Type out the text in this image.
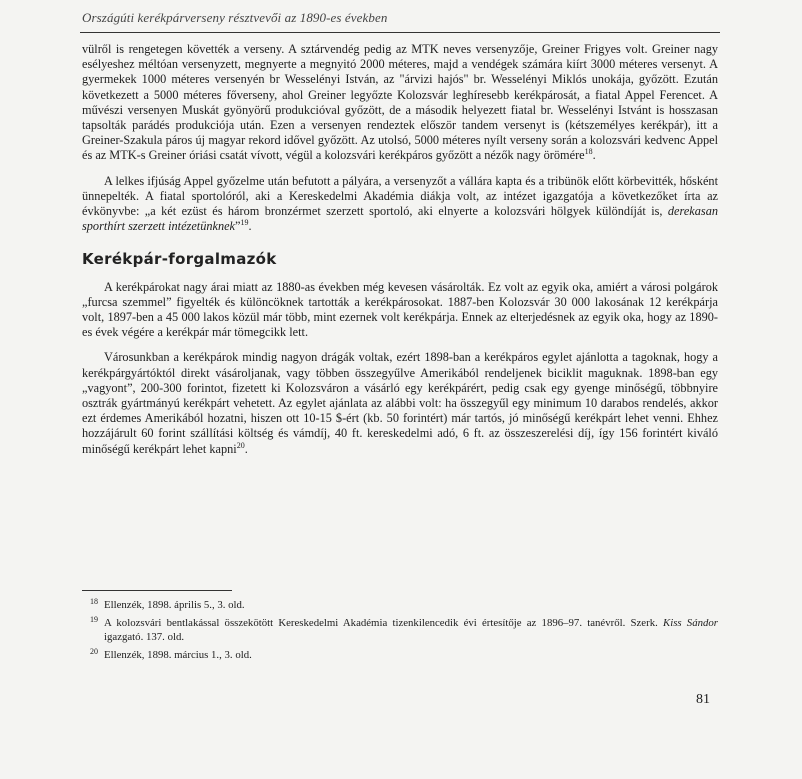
Országúti kerékpárverseny résztvevői az 1890-es években

vülről is rengetegen követték a verseny. A sztárvendég pedig az MTK neves versenyzője, Greiner Frigyes volt. Greiner nagy esélyeshez méltóan versenyzett, megnyerte a megnyitó 2000 méteres, majd a vendégek számára kiírt 3000 méteres versenyt. A gyermekek 1000 méteres versenyén br Wesselényi István, az "árvizi hajós" br. Wesselényi Miklós unokája, győzött. Ezután következett a 5000 méteres főverseny, ahol Greiner legyőzte Kolozsvár leghíresebb kerékpárosát, a fiatal Appel Ferencet. A művészi versenyen Muskát gyönyörű produkcióval győzött, de a második helyezett fiatal br. Wesselényi Istvánt is hosszasan tapsolták parádés produkciója után. Ezen a versenyen rendeztek először tandem versenyt is (kétszemélyes kerékpár), itt a Greiner-Szakula páros új magyar rekord idővel győzött. Az utolsó, 5000 méteres nyílt verseny során a kolozsvári kedvenc Appel és az MTK-s Greiner óriási csatát vívott, végül a kolozsvári kerékpáros győzött a nézők nagy örömére$^{18}$.

A lelkes ifjúság Appel győzelme után befutott a pályára, a versenyzőt a vállára kapta és a tribünök előtt körbevitték, hősként ünnepelték. A fiatal sportolóról, aki a Kereskedelmi Akadémia diákja volt, az intézet igazgatója a következőket írta az évkönyvbe: „a két ezüst és három bronzérmet szerzett sportoló, aki elnyerte a kolozsvári hölgyek különdíját is, derekasan sporthírt szerzett intézetünknek”$^{19}$.

Kerékpár-forgalmazók

A kerékpárokat nagy árai miatt az 1880-as években még kevesen vásárolták. Ez volt az egyik oka, amiért a városi polgárok „furcsa szemmel” figyelték és különcöknek tartották a kerékpárosokat. 1887-ben Kolozsvár 30 000 lakosának 12 kerékpárja volt, 1897-ben a 45 000 lakos közül már több, mint ezernek volt kerékpárja. Ennek az elterjedésnek az egyik oka, hogy az 1890-es évek végére a kerékpár már tömegcikk lett.

Városunkban a kerékpárok mindig nagyon drágák voltak, ezért 1898-ban a kerékpáros egylet ajánlotta a tagoknak, hogy a kerékpárgyártóktól direkt vásároljanak, vagy többen összegyűlve Amerikából rendeljenek biciklit maguknak. 1898-ban egy „vagyont”, 200-300 forintot, fizetett ki Kolozsváron a vásárló egy kerékpárért, pedig csak egy gyenge minőségű, többnyire osztrák gyártmányú kerékpárt vehetett. Az egylet ajánlata az alábbi volt: ha összegyűl egy minimum 10 darabos rendelés, akkor ezt érdemes Amerikából hozatni, hiszen ott 10-15 $-ért (kb. 50 forintért) már tartós, jó minőségű kerékpárt lehet venni. Ehhez hozzájárult 60 forint szállítási költség és vámdíj, 40 ft. kereskedelmi adó, 6 ft. az összeszerelési díj, így 156 forintért kiváló minőségű kerékpárt lehet kapni$^{20}$.

18 Ellenzék, 1898. április 5., 3. old.
19 A kolozsvári bentlakással összekötött Kereskedelmi Akadémia tizenkilencedik évi értesítője az 1896–97. tanévről. Szerk. Kiss Sándor igazgató. 137. old.
20 Ellenzék, 1898. március 1., 3. old.
81
